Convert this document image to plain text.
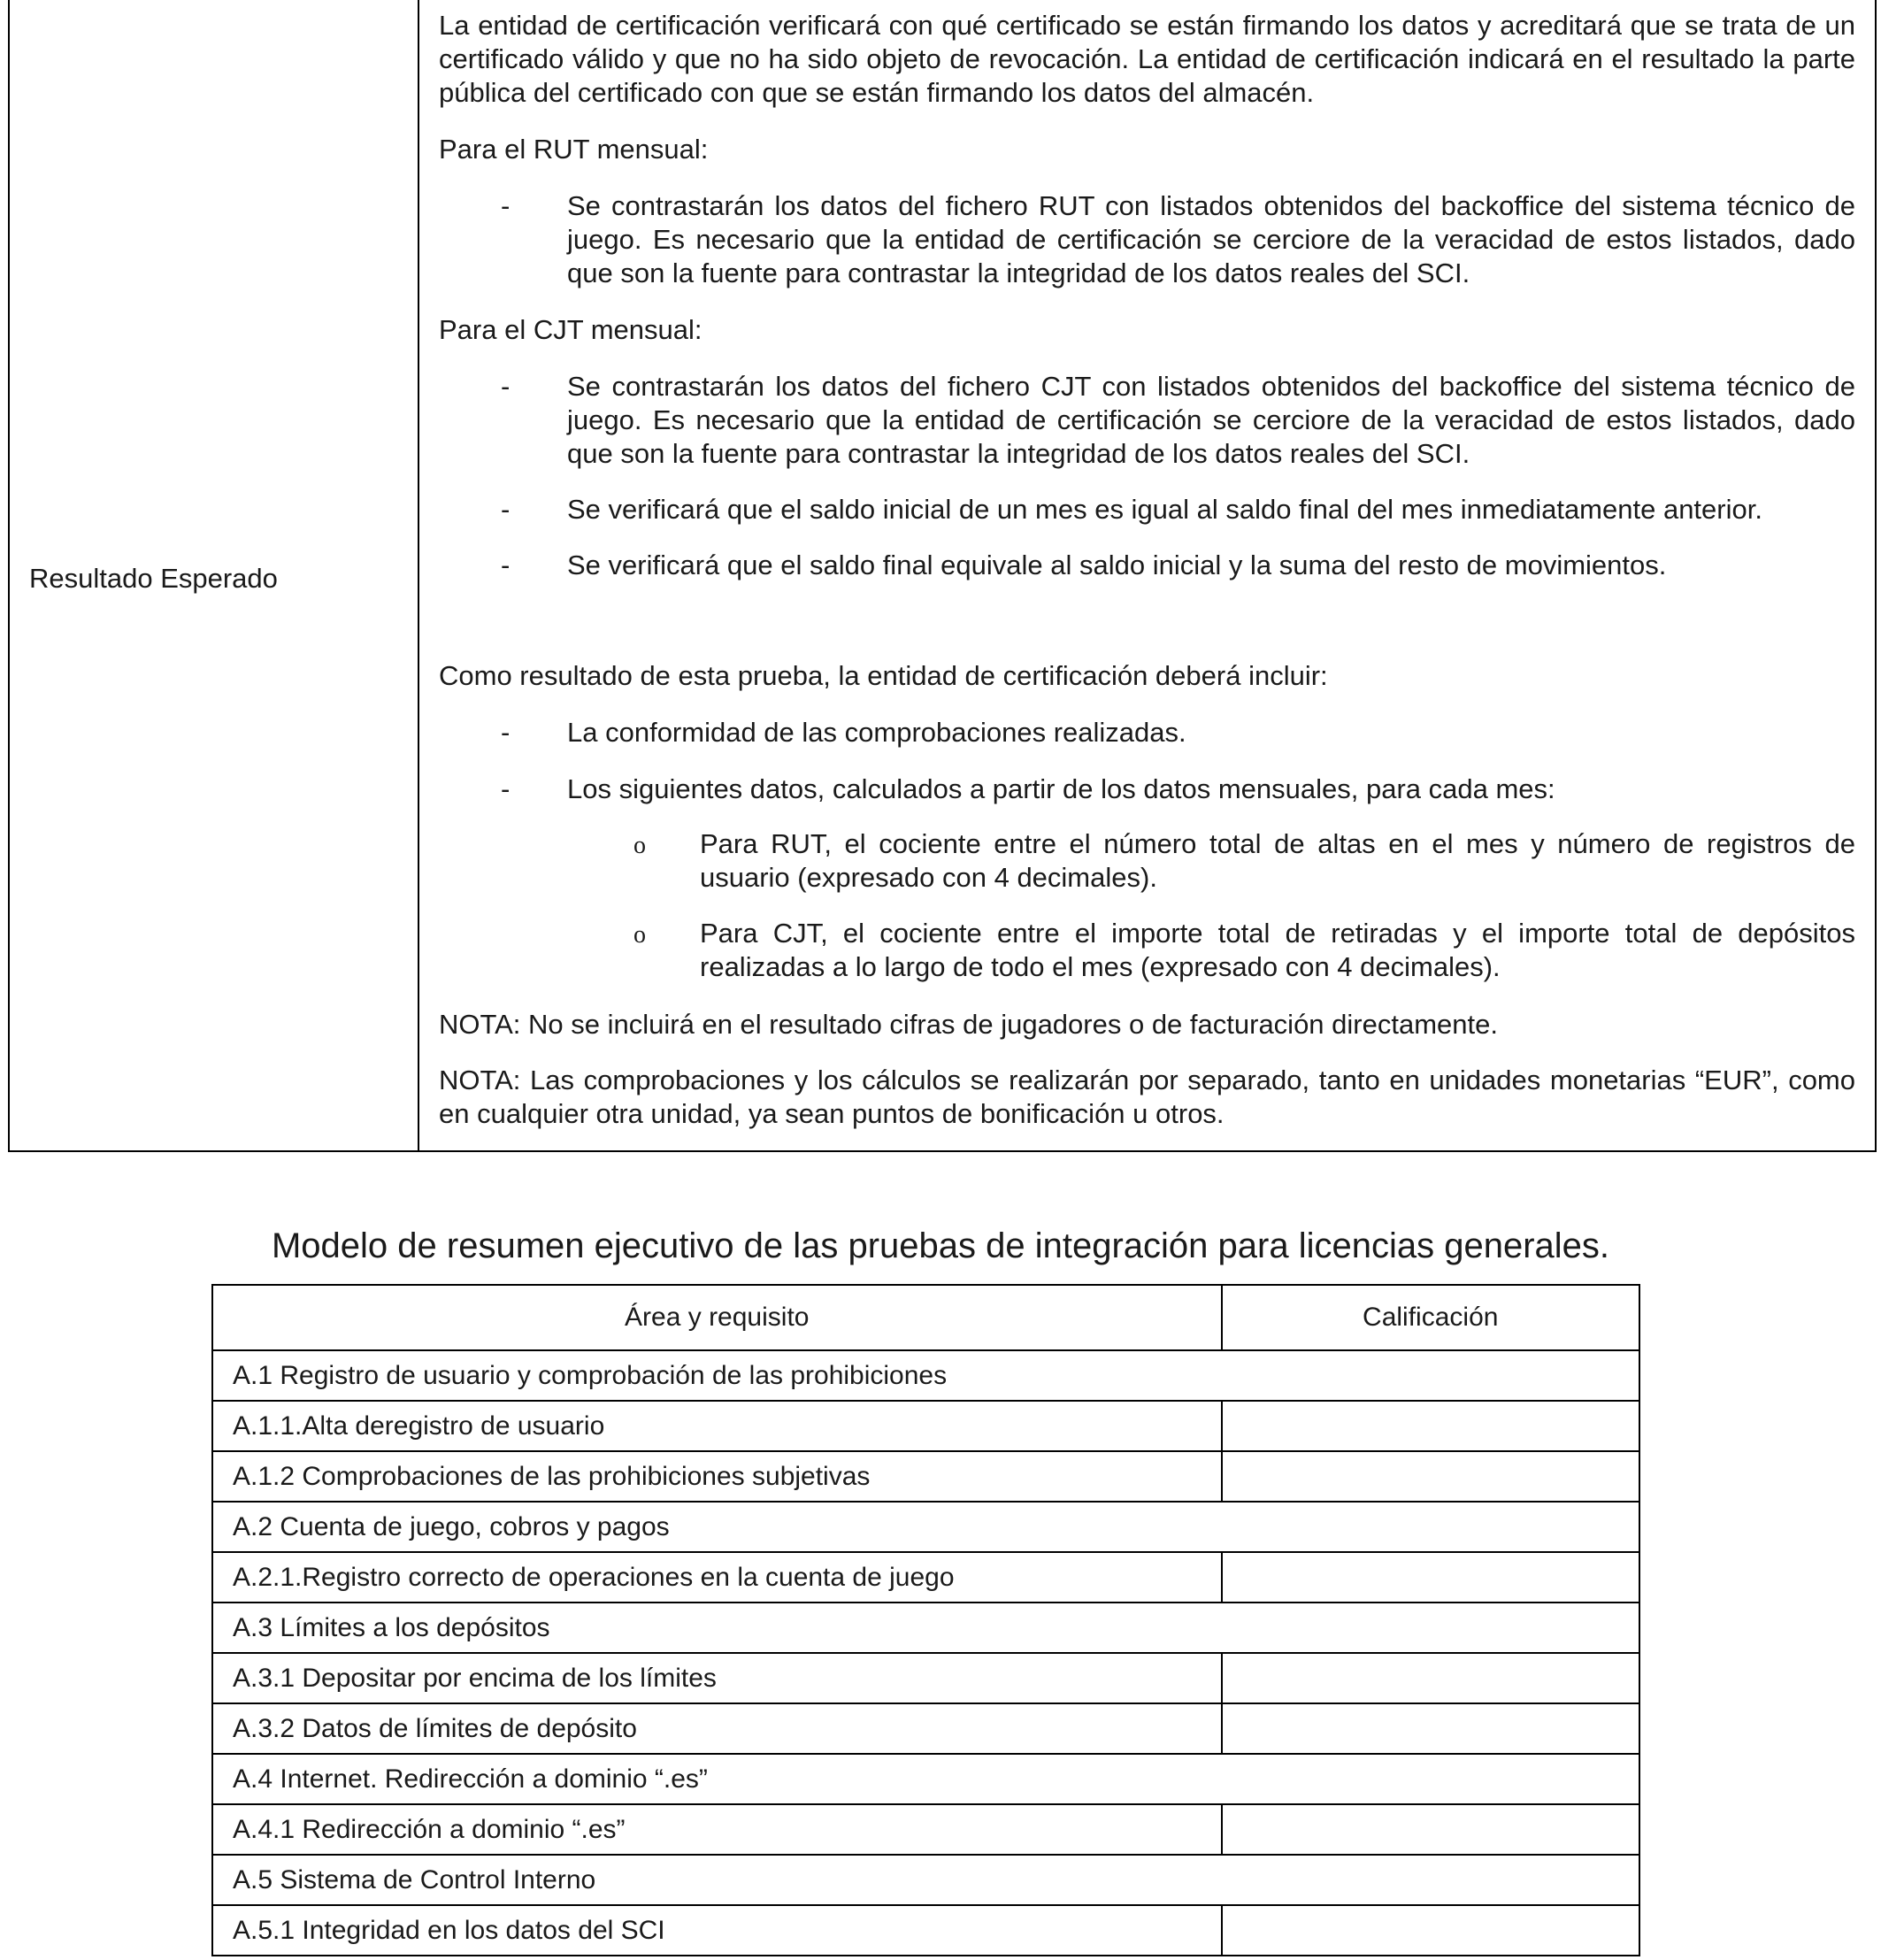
Resultado Esperado

La entidad de certificación verificará con qué certificado se están firmando los datos y acreditará que se trata de un certificado válido y que no ha sido objeto de revocación. La entidad de certificación indicará en el resultado la parte pública del certificado con que se están firmando los datos del almacén.

Para el RUT mensual:

-	Se contrastarán los datos del fichero RUT con listados obtenidos del backoffice del sistema técnico de juego. Es necesario que la entidad de certificación se cerciore de la veracidad de estos listados, dado que son la fuente para contrastar la integridad de los datos reales del SCI.

Para el CJT mensual:

-	Se contrastarán los datos del fichero CJT con listados obtenidos del backoffice del sistema técnico de juego. Es necesario que la entidad de certificación se cerciore de la veracidad de estos listados, dado que son la fuente para contrastar la integridad de los datos reales del SCI.

-	Se verificará que el saldo inicial de un mes es igual al saldo final del mes inmediatamente anterior.

-	Se verificará que el saldo final equivale al saldo inicial y la suma del resto de movimientos.

Como resultado de esta prueba, la entidad de certificación deberá incluir:

-	La conformidad de las comprobaciones realizadas.

-	Los siguientes datos, calculados a partir de los datos mensuales, para cada mes:

o	Para RUT, el cociente entre el número total de altas en el mes y número de registros de usuario (expresado con 4 decimales).

o	Para CJT, el cociente entre el importe total de retiradas y el importe total de depósitos realizadas a lo largo de todo el mes (expresado con 4 decimales).

NOTA: No se incluirá en el resultado cifras de jugadores o de facturación directamente.

NOTA: Las comprobaciones y los cálculos se realizarán por separado, tanto en unidades monetarias “EUR”, como en cualquier otra unidad, ya sean puntos de bonificación u otros.

Modelo de resumen ejecutivo de las pruebas de integración para licencias generales.
Área y requisito	Calificación
A.1 Registro de usuario y comprobación de las prohibiciones	
A.1.1.Alta deregistro de usuario	
A.1.2 Comprobaciones de las prohibiciones subjetivas	
A.2 Cuenta de juego, cobros y pagos	
A.2.1.Registro correcto de operaciones en la cuenta de juego	
A.3 Límites a los depósitos	
A.3.1 Depositar por encima de los límites	
A.3.2 Datos de límites de depósito	
A.4 Internet. Redirección a dominio “.es”	
A.4.1 Redirección a dominio “.es”	
A.5 Sistema de Control Interno	
A.5.1 Integridad en los datos del SCI	
